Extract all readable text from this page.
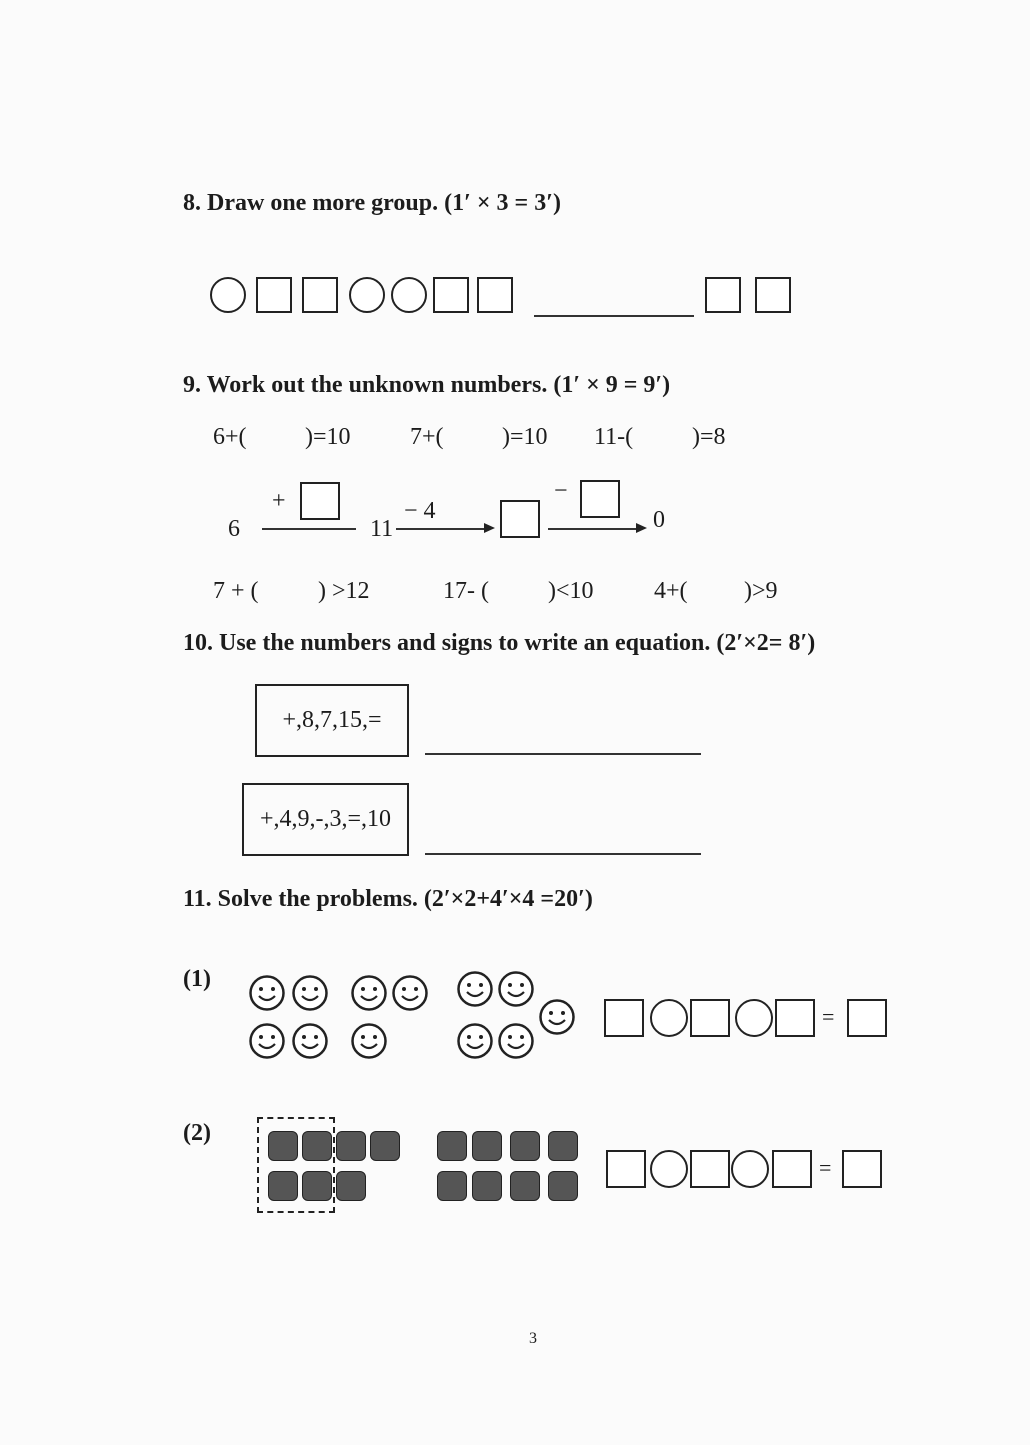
8. Draw one more group. (1′ × 3 = 3′)
9. Work out the unknown numbers. (1′ × 9 = 9′)
6+( )=10 7+( )=10 11-( )=8
6
+
11
− 4
−
0
7 + ( ) >12	17- ( )<10	4+( )>9
10. Use the numbers and signs to write an equation. (2′×2= 8′)
+,8,7,15,=
+,4,9,-,3,=,10
11. Solve the problems. (2′×2+4′×4 =20′)
(1)
=
(2)
=
3
